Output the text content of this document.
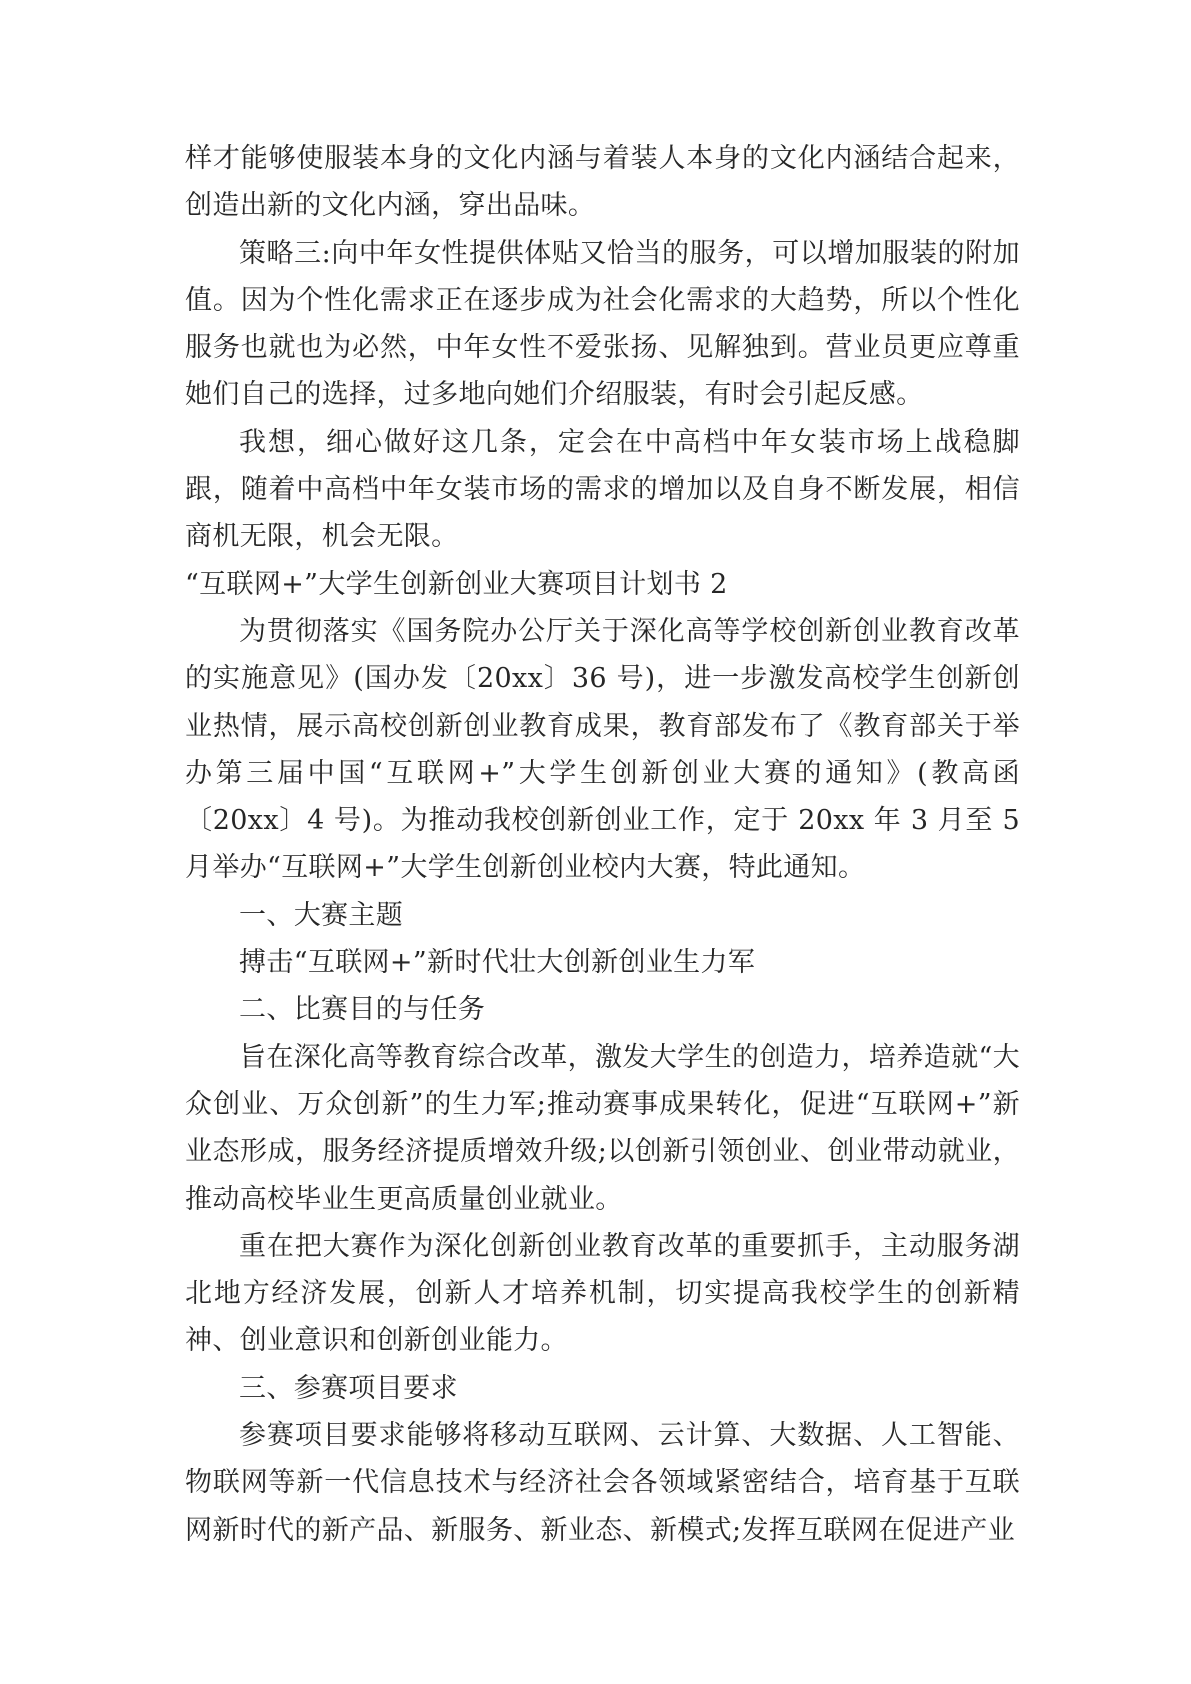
样才能够使服装本身的文化内涵与着装人本身的文化内涵结合起来，创造出新的文化内涵，穿出品味。

策略三:向中年女性提供体贴又恰当的服务，可以增加服装的附加值。因为个性化需求正在逐步成为社会化需求的大趋势，所以个性化服务也就也为必然，中年女性不爱张扬、见解独到。营业员更应尊重她们自己的选择，过多地向她们介绍服装，有时会引起反感。

我想，细心做好这几条，定会在中高档中年女装市场上战稳脚跟，随着中高档中年女装市场的需求的增加以及自身不断发展，相信商机无限，机会无限。

“互联网+”大学生创新创业大赛项目计划书 2

为贯彻落实《国务院办公厅关于深化高等学校创新创业教育改革的实施意见》(国办发〔20xx〕36 号)，进一步激发高校学生创新创业热情，展示高校创新创业教育成果，教育部发布了《教育部关于举办第三届中国“互联网+”大学生创新创业大赛的通知》(教高函〔20xx〕4 号)。为推动我校创新创业工作，定于 20xx 年 3 月至 5 月举办“互联网+”大学生创新创业校内大赛，特此通知。

一、大赛主题

搏击“互联网+”新时代壮大创新创业生力军

二、比赛目的与任务

旨在深化高等教育综合改革，激发大学生的创造力，培养造就“大众创业、万众创新”的生力军;推动赛事成果转化，促进“互联网+”新业态形成，服务经济提质增效升级;以创新引领创业、创业带动就业，推动高校毕业生更高质量创业就业。

重在把大赛作为深化创新创业教育改革的重要抓手，主动服务湖北地方经济发展，创新人才培养机制，切实提高我校学生的创新精神、创业意识和创新创业能力。

三、参赛项目要求

参赛项目要求能够将移动互联网、云计算、大数据、人工智能、物联网等新一代信息技术与经济社会各领域紧密结合，培育基于互联网新时代的新产品、新服务、新业态、新模式;发挥互联网在促进产业
